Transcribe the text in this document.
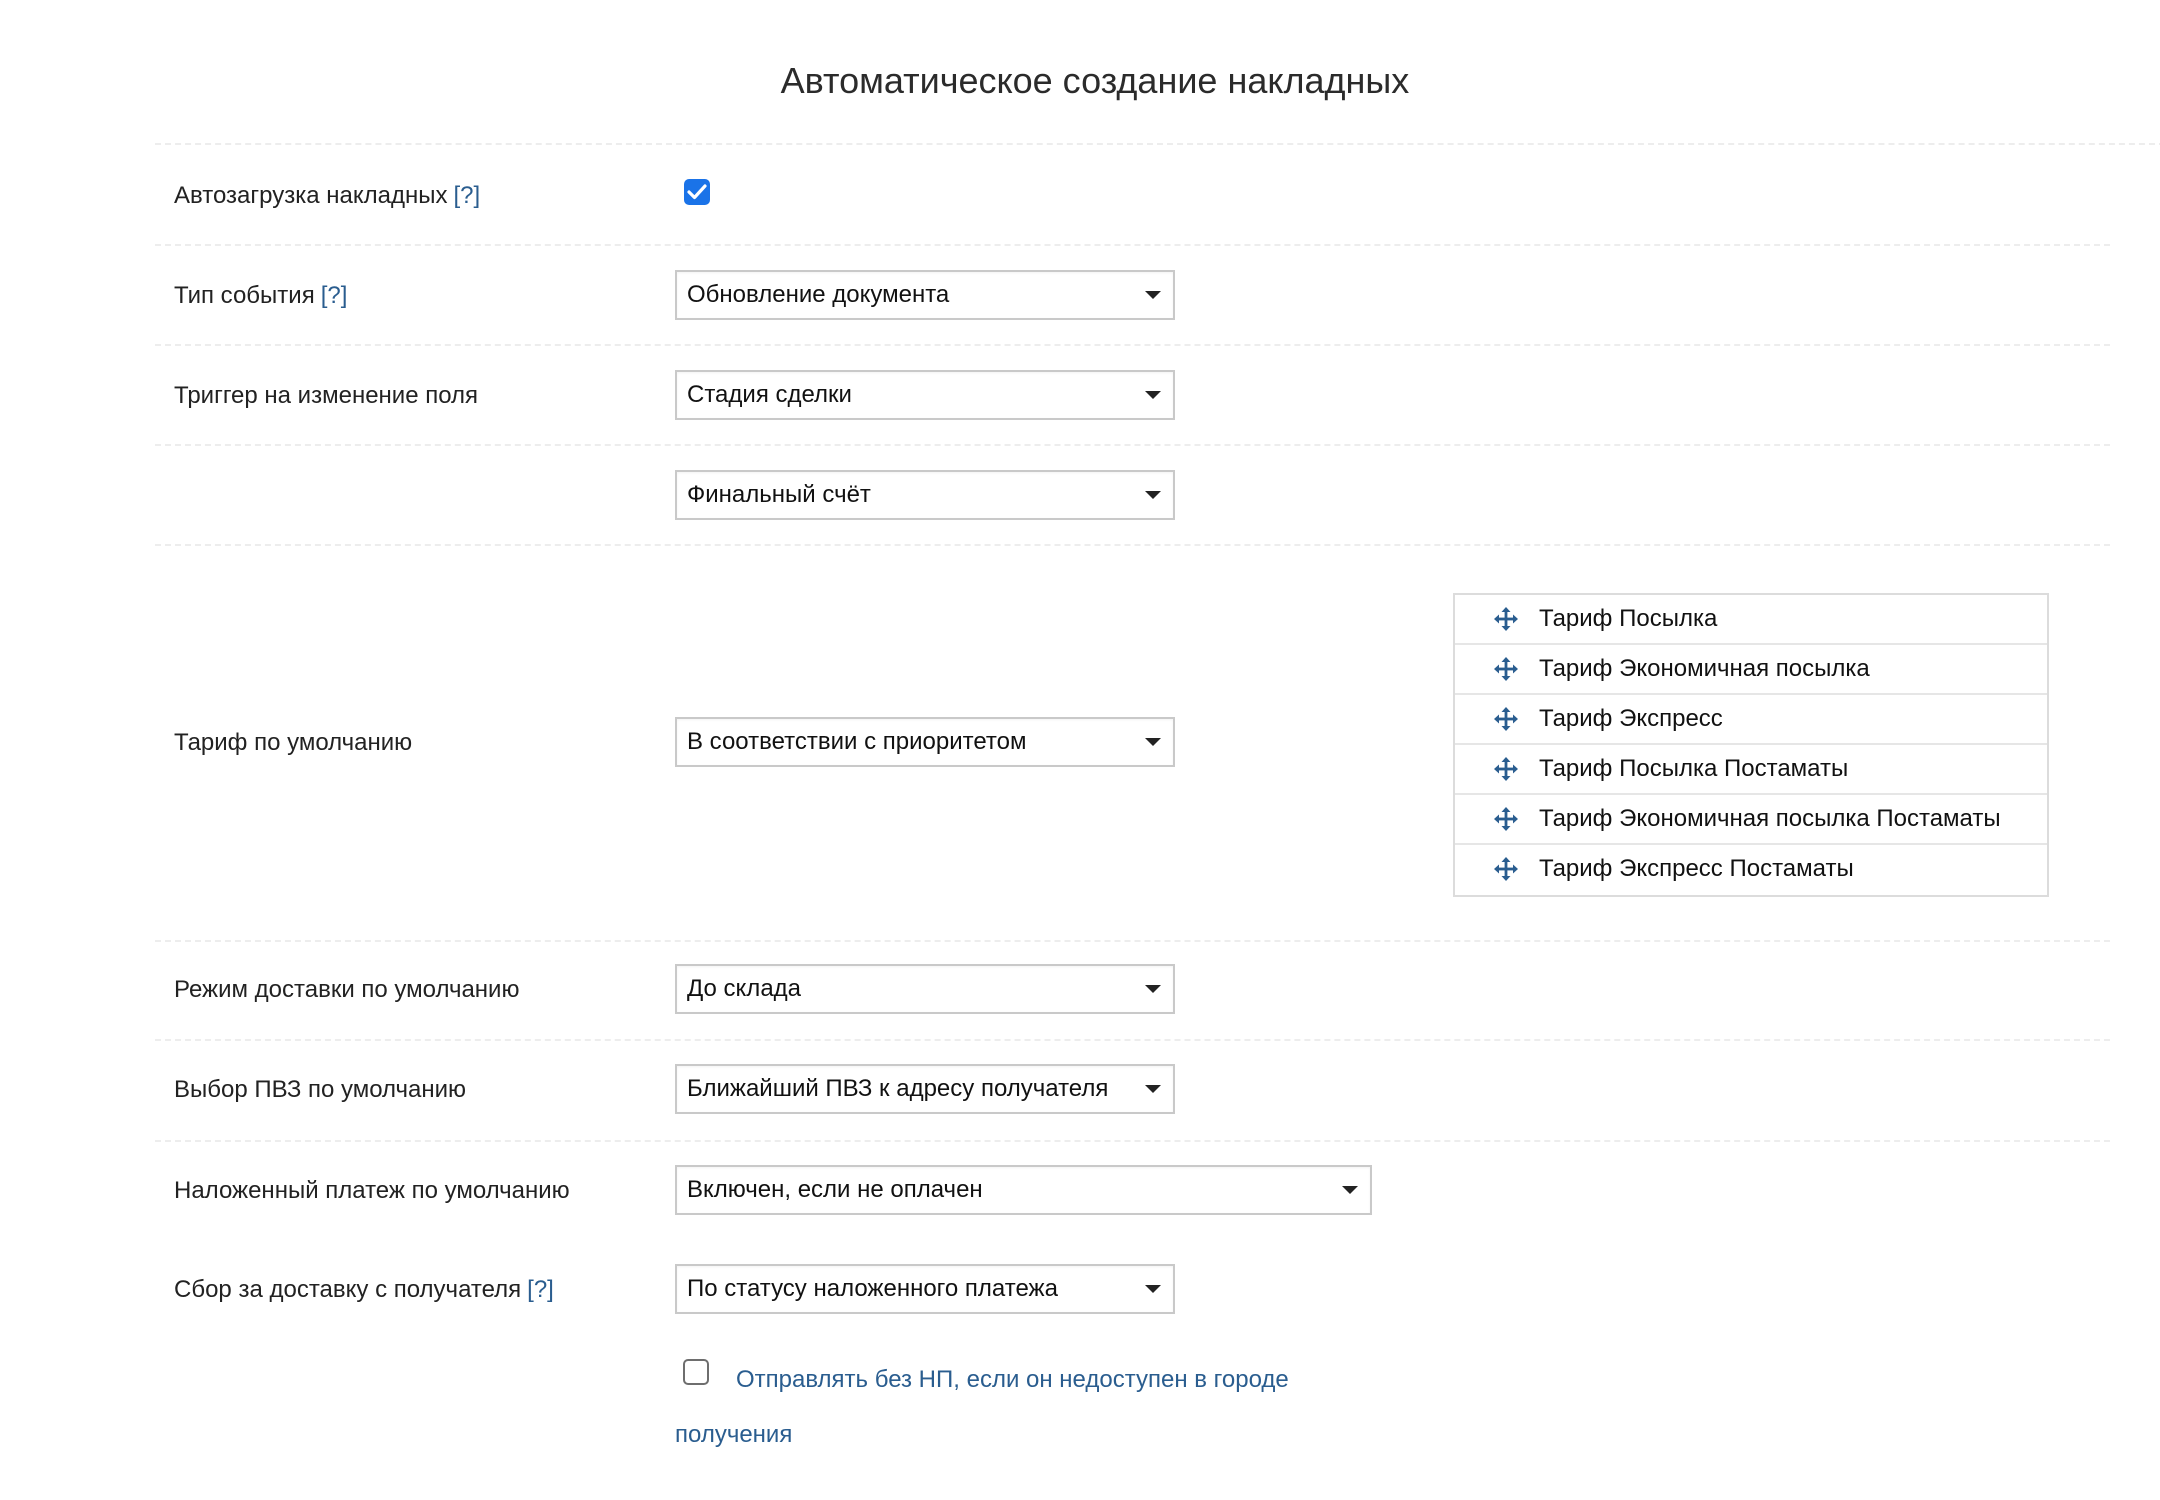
Автоматическое создание накладных
Автозагрузка накладных [?]
Тип события [?]	Обновление документа
Триггер на изменение поля	Стадия сделки
Финальный счёт
Тариф по умолчанию	В соответствии с приоритетом
Тариф Посылка
Тариф Экономичная посылка
Тариф Экспресс
Тариф Посылка Постаматы
Тариф Экономичная посылка Постаматы
Тариф Экспресс Постаматы
Режим доставки по умолчанию	До склада
Выбор ПВЗ по умолчанию	Ближайший ПВЗ к адресу получателя
Наложенный платеж по умолчанию	Включен, если не оплачен
Сбор за доставку с получателя [?]	По статусу наложенного платежа
Отправлять без НП, если он недоступен в городе получения
